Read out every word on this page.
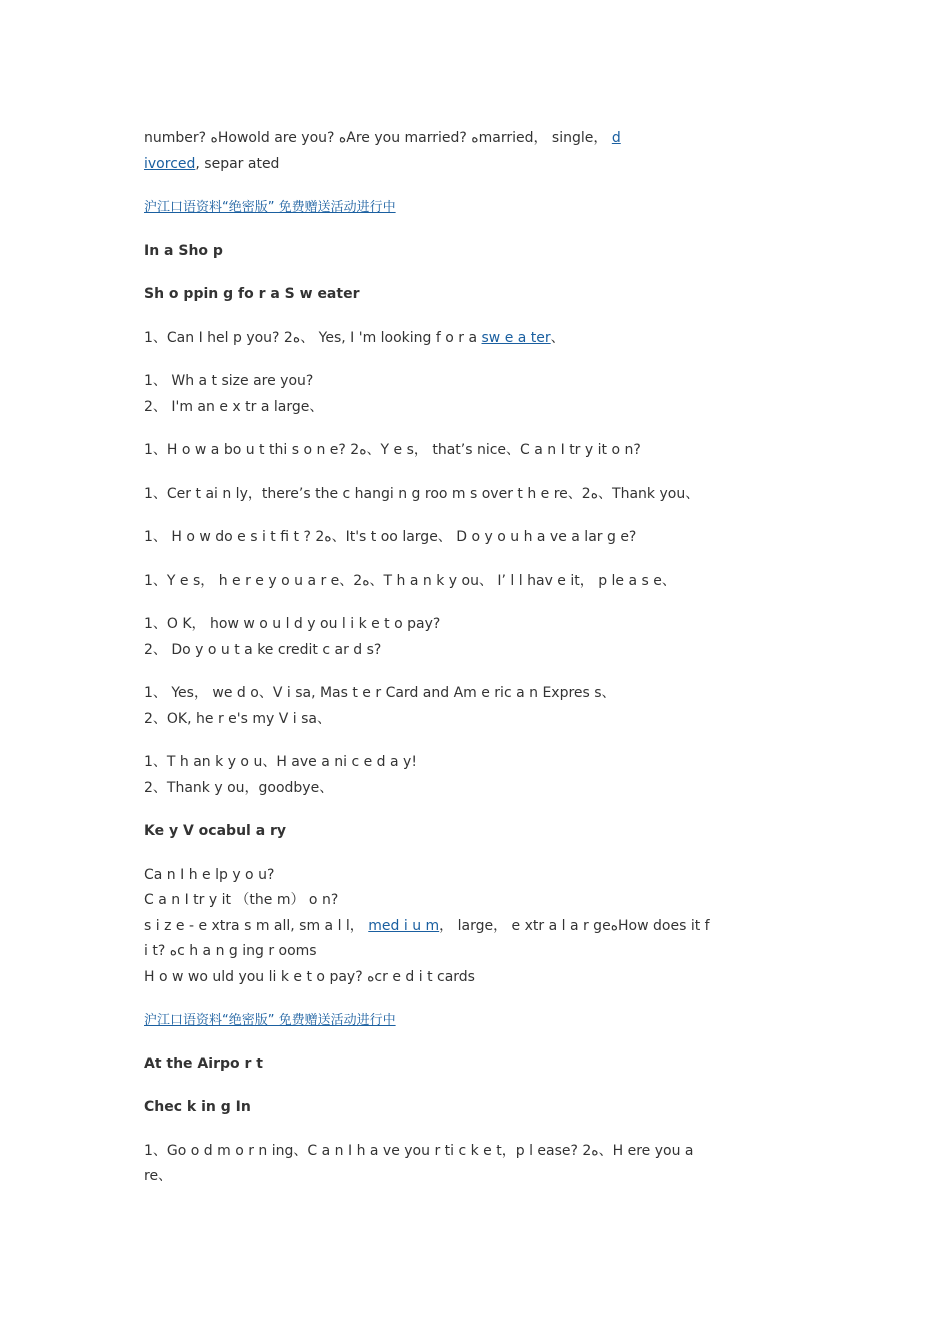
number? ﻩHowold are you? ﻩAre you married? ﻩmarried， single， d
ivorced, separ ated
沪江口语资料“绝密版” 免费赠送活动进行中
In a Sho p
Sh o ppin g fo r a S w eater
1、Can I hel p you? 2ﻩ、 Yes, I 'm looking f o r a sw e a ter、
1、 Wh a t size are you?
2、 I'm an e x tr a large、
1、H o w a bo u t thi s o n e? 2ﻩ、Y e s， that’s nice、C a n I tr y it o n?
1、Cer t ai n ly，there’s the c hangi n g roo m s over t h e re、2ﻩ、Thank you、
1、 H o w do e s i t fi t ? 2ﻩ、It's t oo large、 D o y o u h a ve a lar g e?
1、Y e s， h e r e y o u a r e、2ﻩ、T h a n k y ou、 I’ l l hav e it， p le a s e、
1、O K， how w o u l d y ou l i k e t o pay?
2、 Do y o u t a ke credit c ar d s?
1、 Yes， we d o、V i sa, Mas t e r Card and Am e ric a n Expres s、
2、OK, he r e's my V i sa、
1、T h an k y o u、H ave a ni c e d a y!
2、Thank y ou，goodbye、
Ke y V ocabul a ry
Ca n I h e lp y o u?
C a n I tr y it （the m） o n?
s i z e - e xtra s m all, sm a l l， med i u m， large， e xtr a l a r geﻩHow does it f
i t? ﻩc h a n g ing r ooms
H o w wo uld you li k e t o pay? ﻩcr e d i t cards
沪江口语资料“绝密版” 免费赠送活动进行中
At the Airpo r t
Chec k in g In
1、Go o d m o r n ing、C a n I h a ve you r ti c k e t，p l ease? 2ﻩ、H ere you a
re、
